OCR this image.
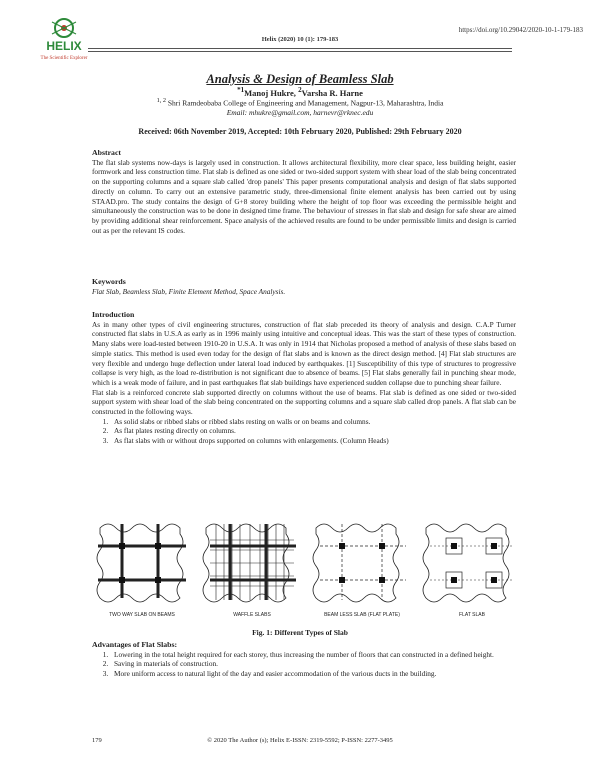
HELIX
The Scientific Explorer
https://doi.org/10.29042/2020-10-1-179-183
Helix (2020) 10 (1): 179-183
Analysis & Design of Beamless Slab
$^{*1}$Manoj Hukre, $^2$Varsha R. Harne
$^{1, 2}$ Shri Ramdeobaba College of Engineering and Management, Nagpur-13, Maharashtra, India
Email: mhukre@gmail.com, harnevr@rknec.edu
Received: 06th November 2019, Accepted: 10th February 2020, Published: 29th February 2020
Abstract

The flat slab systems now-days is largely used in construction. It allows architectural flexibility, more clear space, less building height, easier formwork and less construction time. Flat slab is defined as one sided or two-sided support system with shear load of the slab being concentrated on the supporting columns and a square slab called 'drop panels' This paper presents computational analysis and design of flat slabs supported directly on column. To carry out an extensive parametric study, three-dimensional finite element analysis has been carried out by using STAAD.pro. The study contains the design of G+8 storey building where the height of top floor was exceeding the permissible height and simultaneously the construction was to be done in designed time frame. The behaviour of stresses in flat slab and design for safe shear are aimed by providing additional shear reinforcement. Space analysis of the achieved results are found to be under permissible limits and design is carried out as per the relevant IS codes.

Keywords

Flat Slab, Beamless Slab, Finite Element Method, Space Analysis.

Introduction

As in many other types of civil engineering structures, construction of flat slab preceded its theory of analysis and design. C.A.P Turner constructed flat slabs in U.S.A as early as in 1996 mainly using intuitive and conceptual ideas. This was the start of these types of construction. Many slabs were load-tested between 1910-20 in U.S.A. It was only in 1914 that Nicholas proposed a method of analysis of these slabs based on simple statics. This method is used even today for the design of flat slabs and is known as the direct design method. [4] Flat slab structures are very flexible and undergo huge deflection under lateral load induced by earthquakes. [1] Susceptibility of this type of structures to progressive collapse is very high, as the load re-distribution is not significant due to absence of beams. [5] Flat slabs generally fail in punching shear mode, which is a weak mode of failure, and in past earthquakes flat slab buildings have experienced sudden collapse due to punching shear failure.

Flat slab is a reinforced concrete slab supported directly on columns without the use of beams. Flat slab is defined as one sided or two-sided support system with shear load of the slab being concentrated on the supporting columns and a square slab called drop panels. A flat slab can be constructed in the following ways.

1. As solid slabs or ribbed slabs or ribbed slabs resting on walls or on beams and columns.
2. As flat plates resting directly on columns.
3. As flat slabs with or without drops supported on columns with enlargements. (Column Heads)
TWO WAY SLAB ON BEAMS	WAFFLE SLABS	BEAM LESS SLAB (FLAT PLATE)	FLAT SLAB
Fig. 1: Different Types of Slab
Advantages of Flat Slabs:
1. Lowering in the total height required for each storey, thus increasing the number of floors that can constructed in a defined height.
2. Saving in materials of construction.
3. More uniform access to natural light of the day and easier accommodation of the various ducts in the building.
179	© 2020 The Author (s); Helix E-ISSN: 2319-5592; P-ISSN: 2277-3495
